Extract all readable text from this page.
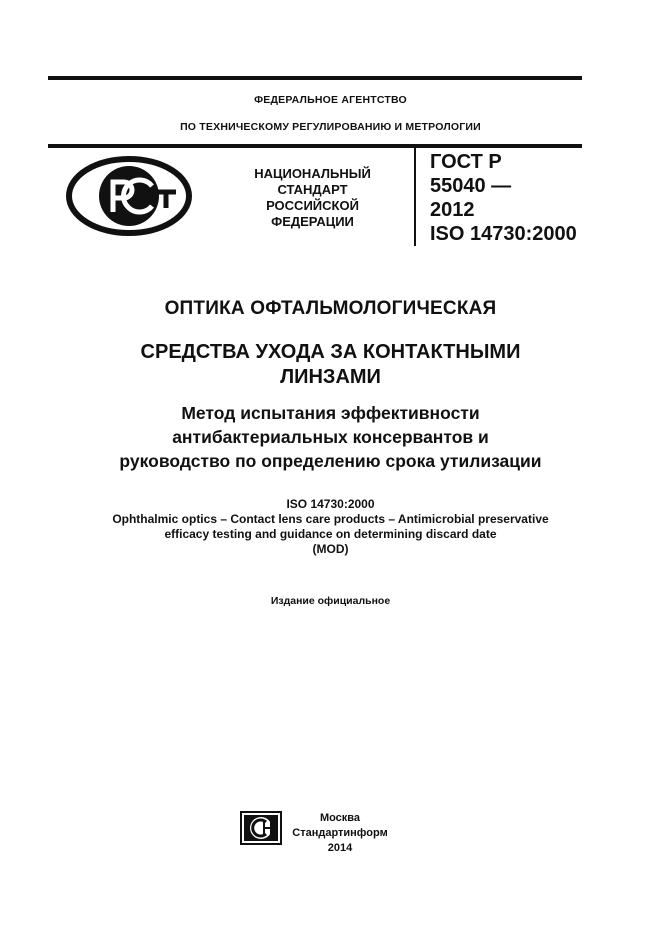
ФЕДЕРАЛЬНОЕ АГЕНТСТВО
ПО ТЕХНИЧЕСКОМУ РЕГУЛИРОВАНИЮ И МЕТРОЛОГИИ
НАЦИОНАЛЬНЫЙ
СТАНДАРТ
РОССИЙСКОЙ
ФЕДЕРАЦИИ
ГОСТ Р
55040 —
2012
ISO 14730:2000
ОПТИКА ОФТАЛЬМОЛОГИЧЕСКАЯ
СРЕДСТВА УХОДА ЗА КОНТАКТНЫМИ
ЛИНЗАМИ
Метод испытания эффективности
антибактериальных консервантов и
руководство по определению срока утилизации
ISO 14730:2000
Ophthalmic optics – Contact lens care products – Antimicrobial preservative
efficacy testing and guidance on determining discard date
(MOD)
Издание официальное
Москва
Стандартинформ
2014
